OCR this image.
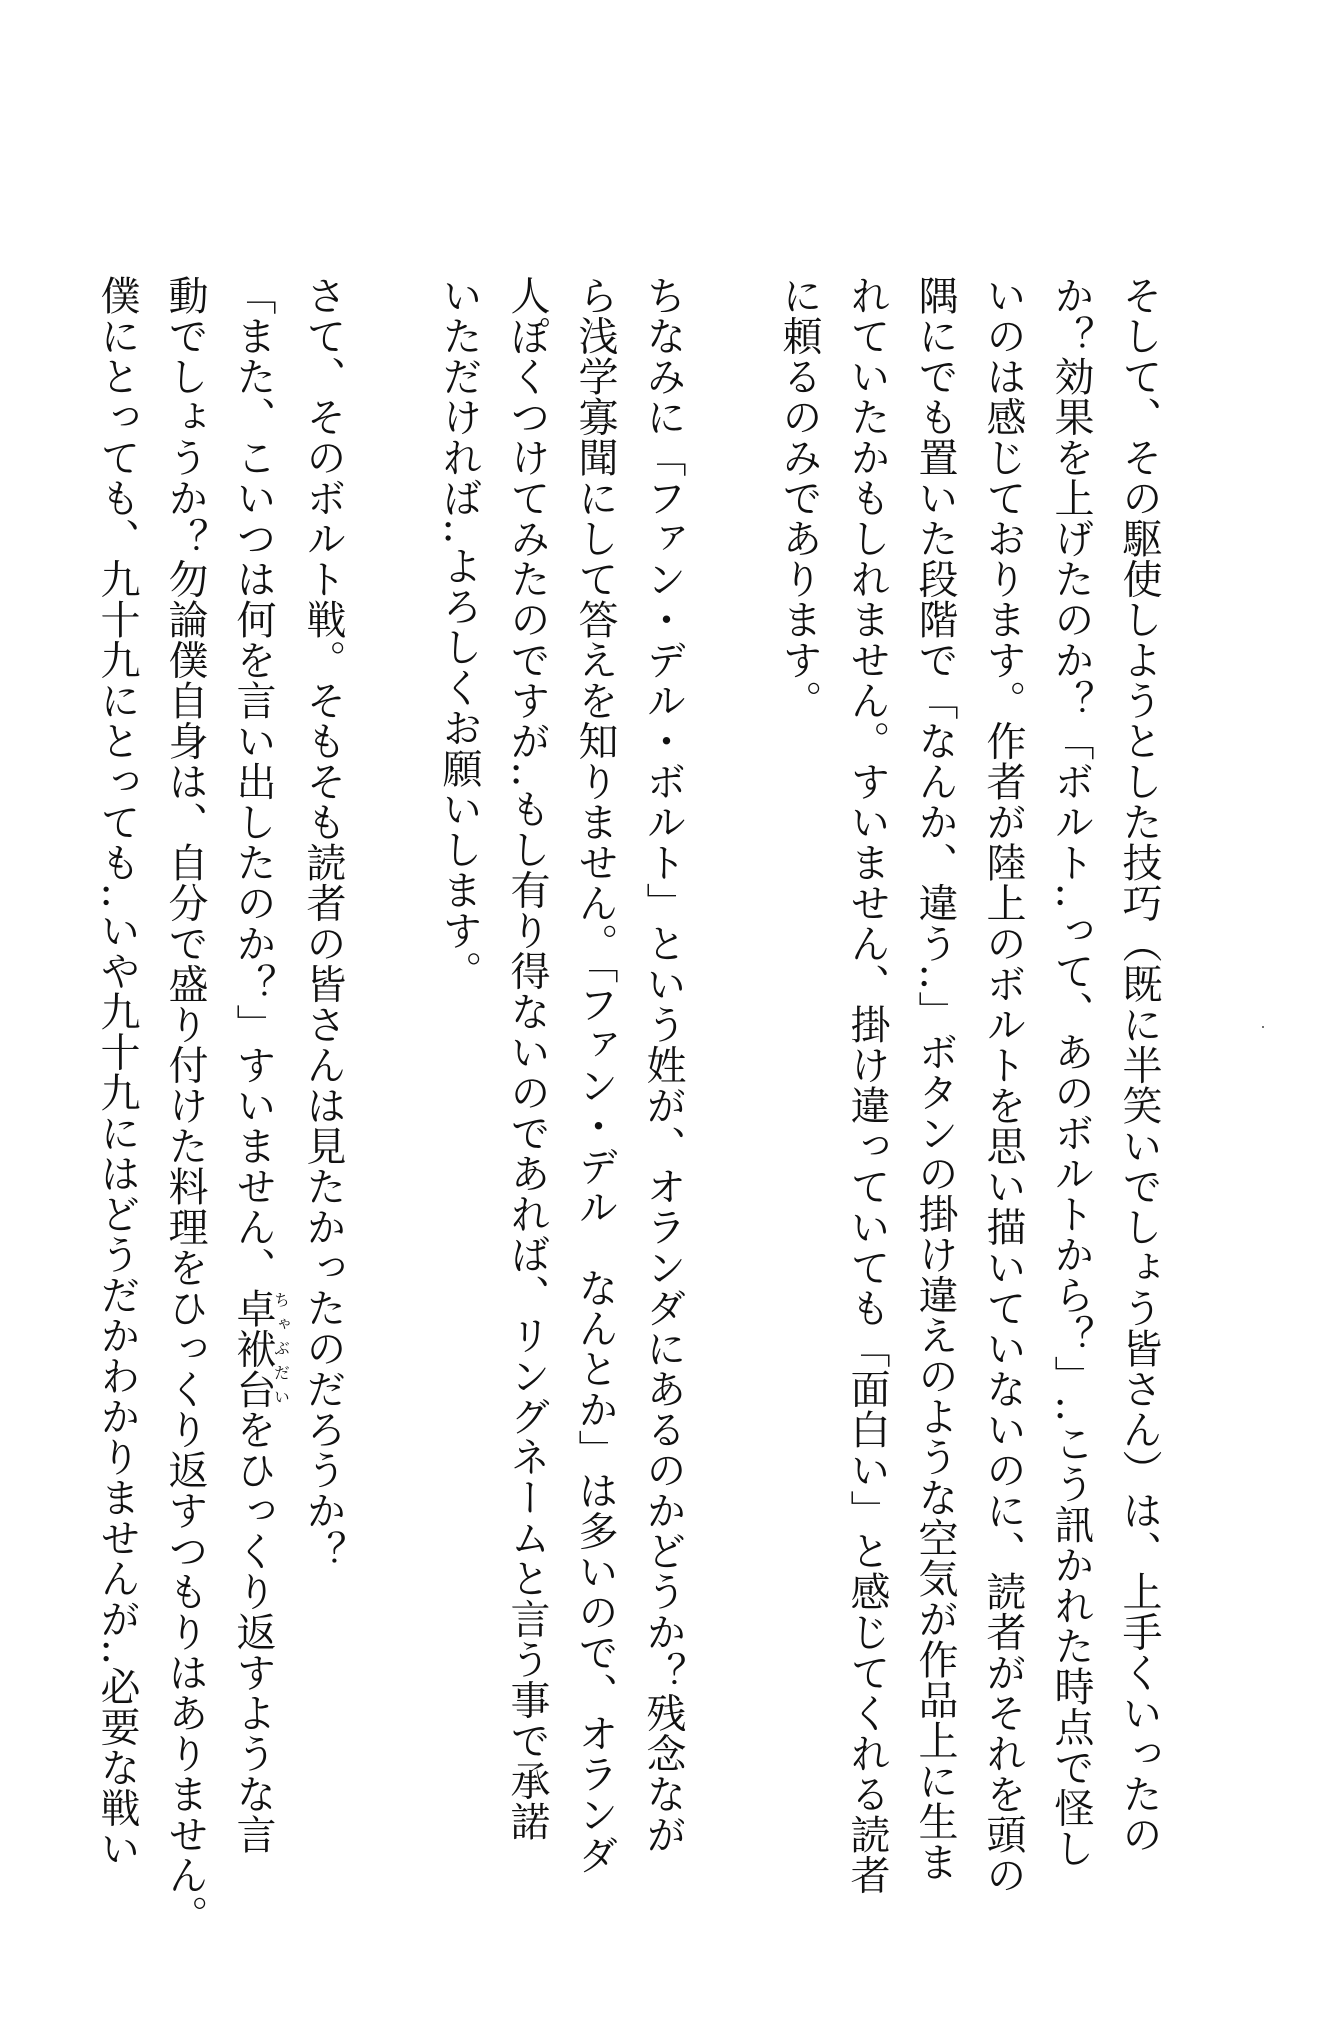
そして、その駆使しようとした技巧（既に半笑いでしょう皆さん）は、上手くいったの

か？効果を上げたのか？「ボルト‥って、あのボルトから？」‥こう訊かれた時点で怪し

いのは感じております。作者が陸上のボルトを思い描いていないのに、読者がそれを頭の

隅にでも置いた段階で「なんか、違う‥」ボタンの掛け違えのような空気が作品上に生ま

れていたかもしれません。すいません、掛け違っていても「面白い」と感じてくれる読者

に頼るのみであります。

ちなみに「ファン・デル・ボルト」という姓が、オランダにあるのかどうか？残念なが

ら浅学寡聞にして答えを知りません。「ファン・デル　なんとか」は多いので、オランダ

人ぽくつけてみたのですが‥もし有り得ないのであれば、リングネームと言う事で承諾

いただければ‥よろしくお願いします。

さて、そのボルト戦。そもそも読者の皆さんは見たかったのだろうか？

「また、こいつは何を言い出したのか？」すいません、卓袱台ちゃぶだいをひっくり返すような言

動でしょうか？勿論僕自身は、自分で盛り付けた料理をひっくり返すつもりはありません。

僕にとっても、九十九にとっても‥いや九十九にはどうだかわかりませんが‥必要な戦い
